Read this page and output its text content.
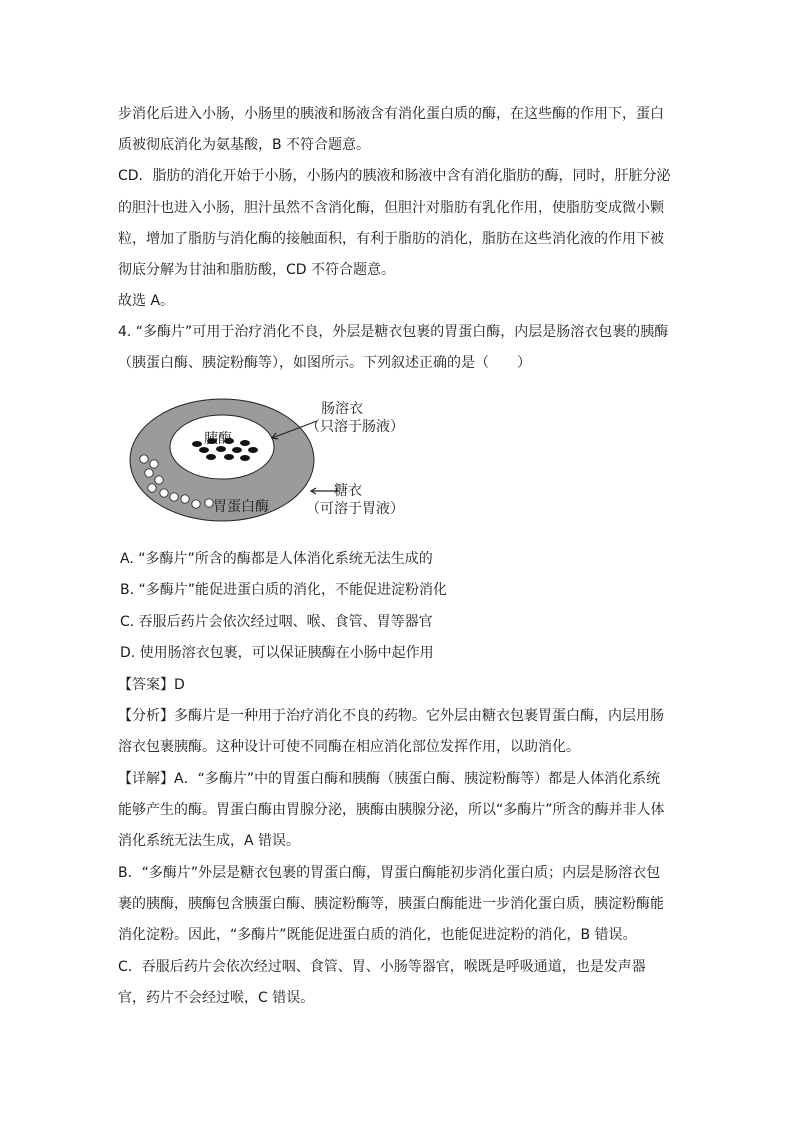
步消化后进入小肠，小肠里的胰液和肠液含有消化蛋白质的酶，在这些酶的作用下，蛋白
质被彻底消化为氨基酸，B 不符合题意。
CD．脂肪的消化开始于小肠，小肠内的胰液和肠液中含有消化脂肪的酶，同时，肝脏分泌
的胆汁也进入小肠，胆汁虽然不含消化酶，但胆汁对脂肪有乳化作用，使脂肪变成微小颗
粒，增加了脂肪与消化酶的接触面积，有利于脂肪的消化，脂肪在这些消化液的作用下被
彻底分解为甘油和脂肪酸，CD 不符合题意。
故选 A。
4. “多酶片”可用于治疗消化不良，外层是糖衣包裹的胃蛋白酶，内层是肠溶衣包裹的胰酶
（胰蛋白酶、胰淀粉酶等），如图所示。下列叙述正确的是（　　）
胰酶
胃蛋白酶
肠溶衣
（只溶于肠液）
糖衣
（可溶于胃液）
A. “多酶片”所含的酶都是人体消化系统无法生成的
B. “多酶片”能促进蛋白质的消化，不能促进淀粉消化
C. 吞服后药片会依次经过咽、喉、食管、胃等器官
D. 使用肠溶衣包裹，可以保证胰酶在小肠中起作用
【答案】D
【分析】多酶片是一种用于治疗消化不良的药物。它外层由糖衣包裹胃蛋白酶，内层用肠
溶衣包裹胰酶。这种设计可使不同酶在相应消化部位发挥作用，以助消化。
【详解】A．“多酶片”中的胃蛋白酶和胰酶（胰蛋白酶、胰淀粉酶等）都是人体消化系统
能够产生的酶。胃蛋白酶由胃腺分泌，胰酶由胰腺分泌，所以“多酶片”所含的酶并非人体
消化系统无法生成，A 错误。
B．“多酶片”外层是糖衣包裹的胃蛋白酶，胃蛋白酶能初步消化蛋白质；内层是肠溶衣包
裹的胰酶，胰酶包含胰蛋白酶、胰淀粉酶等，胰蛋白酶能进一步消化蛋白质，胰淀粉酶能
消化淀粉。因此，“多酶片”既能促进蛋白质的消化，也能促进淀粉的消化，B 错误。
C．吞服后药片会依次经过咽、食管、胃、小肠等器官，喉既是呼吸通道，也是发声器
官，药片不会经过喉，C 错误。
